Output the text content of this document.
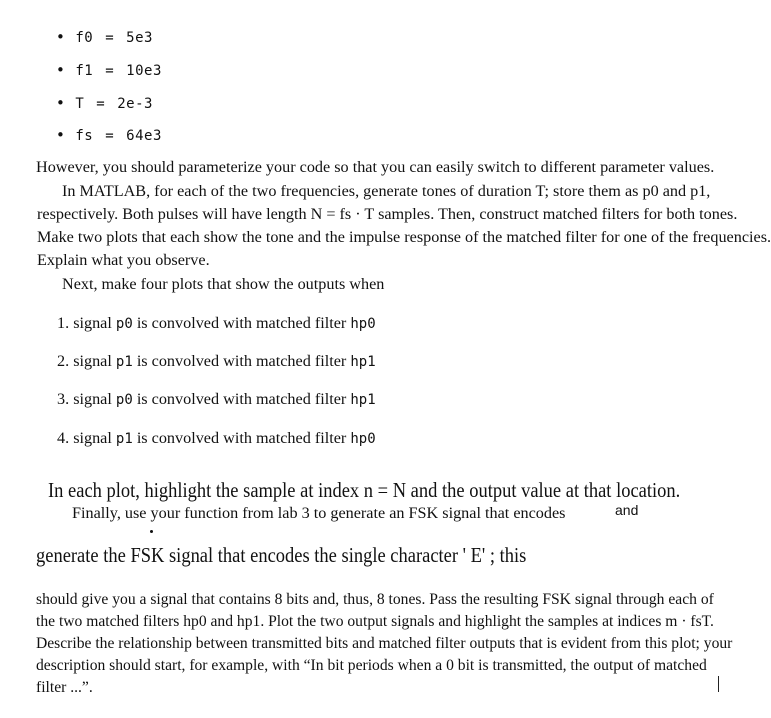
• f0 = 5e3
• f1 = 10e3
• T = 2e-3
• fs = 64e3
However, you should parameterize your code so that you can easily switch to different parameter values.
In MATLAB, for each of the two frequencies, generate tones of duration T; store them as p0 and p1,
respectively. Both pulses will have length N = fs · T samples. Then, construct matched filters for both tones.
Make two plots that each show the tone and the impulse response of the matched filter for one of the frequencies.
Explain what you observe.
Next, make four plots that show the outputs when
1. signal p0 is convolved with matched filter hp0
2. signal p1 is convolved with matched filter hp1
3. signal p0 is convolved with matched filter hp1
4. signal p1 is convolved with matched filter hp0
In each plot, highlight the sample at index n = N and the output value at that location.
Finally, use your function from lab 3 to generate an FSK signal that encodes	and
generate the FSK signal that encodes the single character ' E' ; this
should give you a signal that contains 8 bits and, thus, 8 tones. Pass the resulting FSK signal through each of
the two matched filters hp0 and hp1. Plot the two output signals and highlight the samples at indices m · fsT.
Describe the relationship between transmitted bits and matched filter outputs that is evident from this plot; your
description should start, for example, with “In bit periods when a 0 bit is transmitted, the output of matched
filter ...”.
